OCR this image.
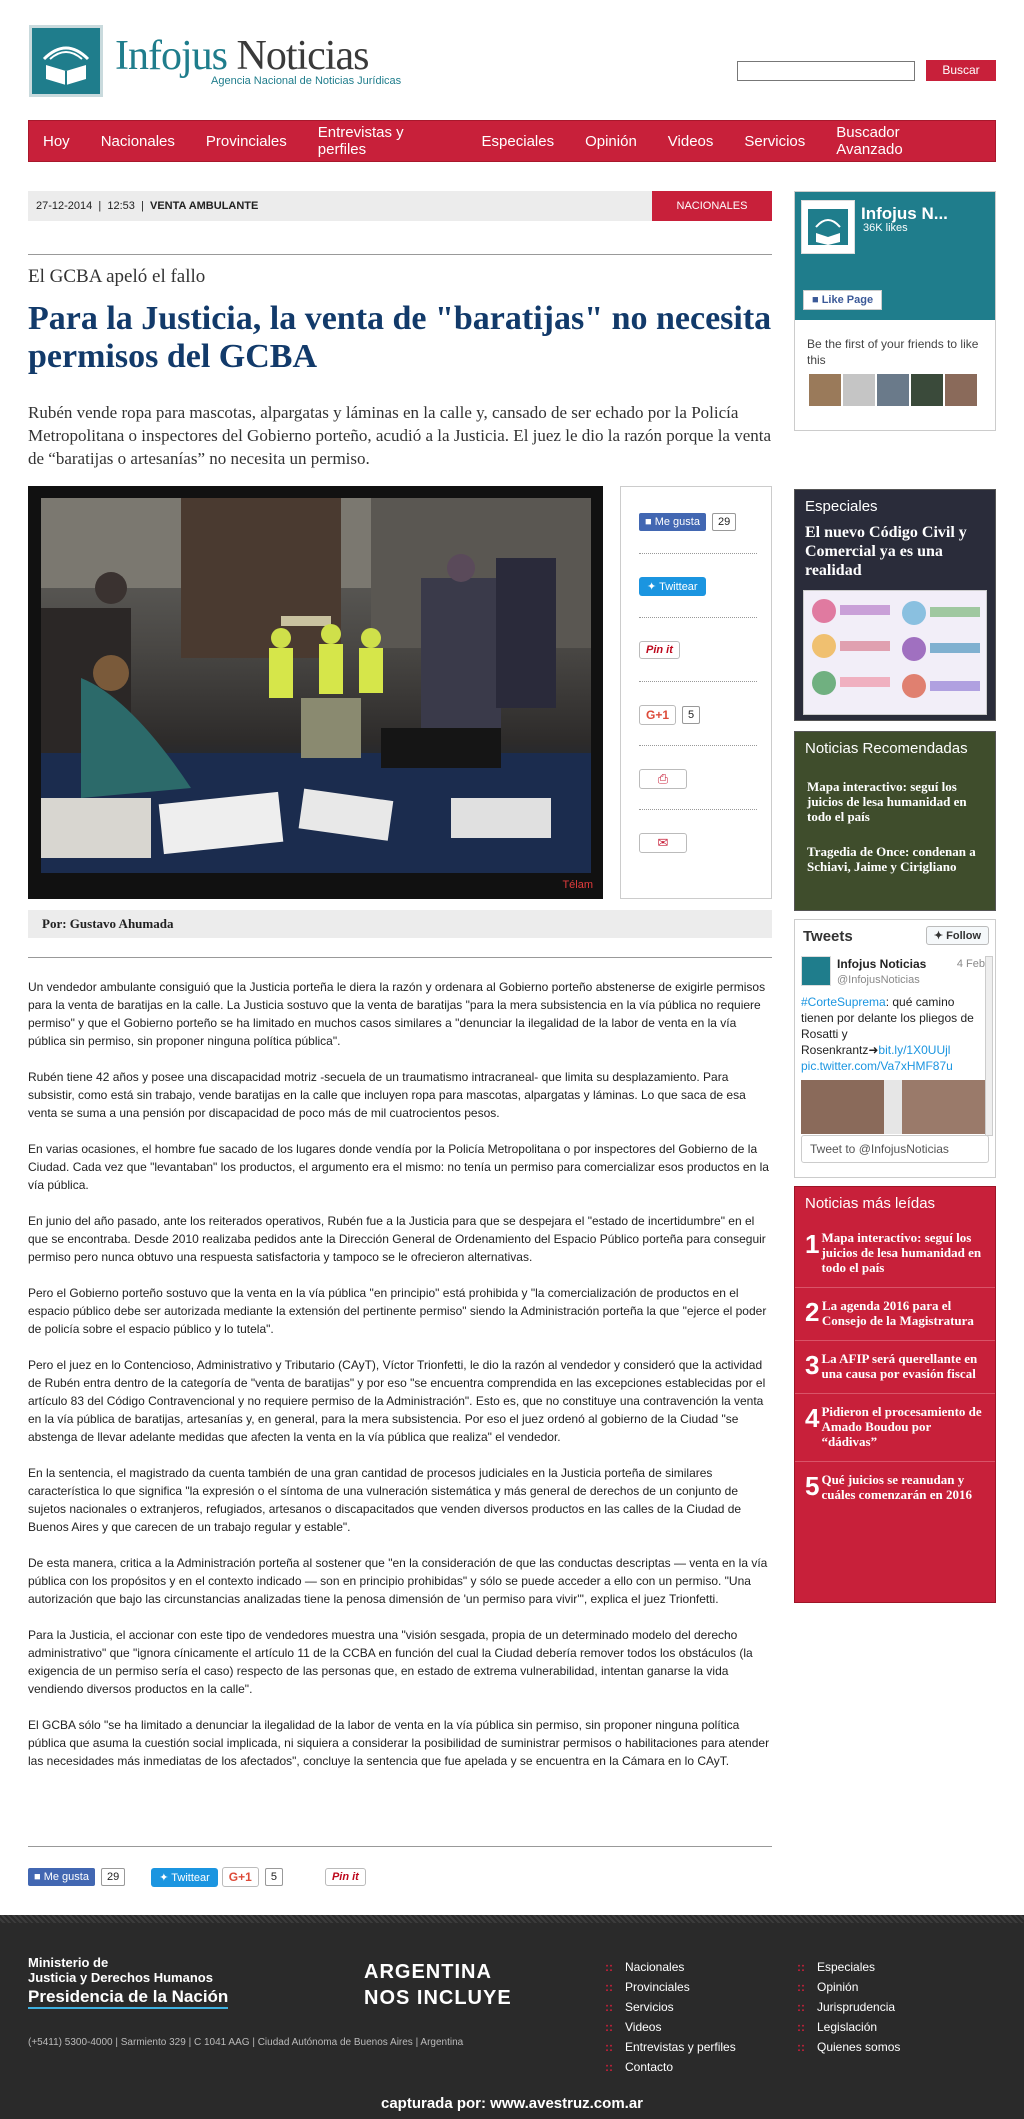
Infojus Noticias
Agencia Nacional de Noticias Jurídicas
Buscar
Hoy Nacionales Provinciales Entrevistas y perfiles	Especiales Opinión Videos Servicios Buscador Avanzado
27-12-2014  |  12:53  |  VENTA AMBULANTE	NACIONALES
El GCBA apeló el fallo
Para la Justicia, la venta de "baratijas" no necesita permisos del GCBA
Rubén vende ropa para mascotas, alpargatas y láminas en la calle y, cansado de ser echado por la Policía Metropolitana o inspectores del Gobierno porteño, acudió a la Justicia. El juez le dio la razón porque la venta de “baratijas o artesanías” no necesita un permiso.
Télam
■ Me gusta	29
✦ Twittear
Pin it
G+1	5
⎙
✉
Por: Gustavo Ahumada

Un vendedor ambulante consiguió que la Justicia porteña le diera la razón y ordenara al Gobierno porteño abstenerse de exigirle permisos para la venta de baratijas en la calle. La Justicia sostuvo que la venta de baratijas "para la mera subsistencia en la vía pública no requiere permiso" y que el Gobierno porteño se ha limitado en muchos casos similares a "denunciar la ilegalidad de la labor de venta en la vía pública sin permiso, sin proponer ninguna política pública".

Rubén tiene 42 años y posee una discapacidad motriz -secuela de un traumatismo intracraneal- que limita su desplazamiento. Para subsistir, como está sin trabajo, vende baratijas en la calle que incluyen ropa para mascotas, alpargatas y láminas. Lo que saca de esa venta se suma a una pensión por discapacidad de poco más de mil cuatrocientos pesos.

En varias ocasiones, el hombre fue sacado de los lugares donde vendía por la Policía Metropolitana o por inspectores del Gobierno de la Ciudad. Cada vez que "levantaban" los productos, el argumento era el mismo: no tenía un permiso para comercializar esos productos en la vía pública.

En junio del año pasado, ante los reiterados operativos, Rubén fue a la Justicia para que se despejara el "estado de incertidumbre" en el que se encontraba. Desde 2010 realizaba pedidos ante la Dirección General de Ordenamiento del Espacio Público porteña para conseguir permiso pero nunca obtuvo una respuesta satisfactoria y tampoco se le ofrecieron alternativas.

Pero el Gobierno porteño sostuvo que la venta en la vía pública "en principio" está prohibida y "la comercialización de productos en el espacio público debe ser autorizada mediante la extensión del pertinente permiso" siendo la Administración porteña la que "ejerce el poder de policía sobre el espacio público y lo tutela".

Pero el juez en lo Contencioso, Administrativo y Tributario (CAyT), Víctor Trionfetti, le dio la razón al vendedor y consideró que la actividad de Rubén entra dentro de la categoría de "venta de baratijas" y por eso "se encuentra comprendida en las excepciones establecidas por el artículo 83 del Código Contravencional y no requiere permiso de la Administración". Esto es, que no constituye una contravención la venta en la vía pública de baratijas, artesanías y, en general, para la mera subsistencia. Por eso el juez ordenó al gobierno de la Ciudad "se abstenga de llevar adelante medidas que afecten la venta en la vía pública que realiza" el vendedor.

En la sentencia, el magistrado da cuenta también de una gran cantidad de procesos judiciales en la Justicia porteña de similares característica lo que significa "la expresión o el síntoma de una vulneración sistemática y más general de derechos de un conjunto de sujetos nacionales o extranjeros, refugiados, artesanos o discapacitados que venden diversos productos en las calles de la Ciudad de Buenos Aires y que carecen de un trabajo regular y estable".

De esta manera, critica a la Administración porteña al sostener que "en la consideración de que las conductas descriptas — venta en la vía pública con los propósitos y en el contexto indicado — son en principio prohibidas" y sólo se puede acceder a ello con un permiso. "Una autorización que bajo las circunstancias analizadas tiene la penosa dimensión de 'un permiso para vivir'", explica el juez Trionfetti.

Para la Justicia, el accionar con este tipo de vendedores muestra una "visión sesgada, propia de un determinado modelo del derecho administrativo" que "ignora cínicamente el artículo 11 de la CCBA en función del cual la Ciudad debería remover todos los obstáculos (la exigencia de un permiso sería el caso) respecto de las personas que, en estado de extrema vulnerabilidad, intentan ganarse la vida vendiendo diversos productos en la calle".

El GCBA sólo "se ha limitado a denunciar la ilegalidad de la labor de venta en la vía pública sin permiso, sin proponer ninguna política pública que asuma la cuestión social implicada, ni siquiera a considerar la posibilidad de suministrar permisos o habilitaciones para atender las necesidades más inmediatas de los afectados", concluye la sentencia que fue apelada y se encuentra en la Cámara en lo CAyT.

■ Me gusta	29	✦ Twittear	G+1	5	Pin it
Infojus N...
36K likes
■ Like Page
Be the first of your friends to like this
Especiales
El nuevo Código Civil y Comercial ya es una realidad
Noticias Recomendadas
Mapa interactivo: seguí los juicios de lesa humanidad en todo el país
Tragedia de Once: condenan a Schiavi, Jaime y Cirigliano
Tweets	✦ Follow
Infojus Noticias	4 Feb
@InfojusNoticias
#CorteSuprema: qué camino tienen por delante los pliegos de Rosatti y Rosenkrantz➜bit.ly/1X0UUjl
pic.twitter.com/Va7xHMF87u
Tweet to @InfojusNoticias
Noticias más leídas
1 Mapa interactivo: seguí los juicios de lesa humanidad en todo el país
2 La agenda 2016 para el Consejo de la Magistratura
3 La AFIP será querellante en una causa por evasión fiscal
4 Pidieron el procesamiento de Amado Boudou por “dádivas”
5 Qué juicios se reanudan y cuáles comenzarán en 2016
Ministerio de
Justicia y Derechos Humanos
Presidencia de la Nación
ARGENTINA
NOS INCLUYE
(+5411) 5300-4000 | Sarmiento 329 | C 1041 AAG | Ciudad Autónoma de Buenos Aires | Argentina
:: Nacionales
:: Provinciales
:: Servicios
:: Videos
:: Entrevistas y perfiles
:: Contacto
:: Especiales
:: Opinión
:: Jurisprudencia
:: Legislación
:: Quienes somos
capturada por: www.avestruz.com.ar
